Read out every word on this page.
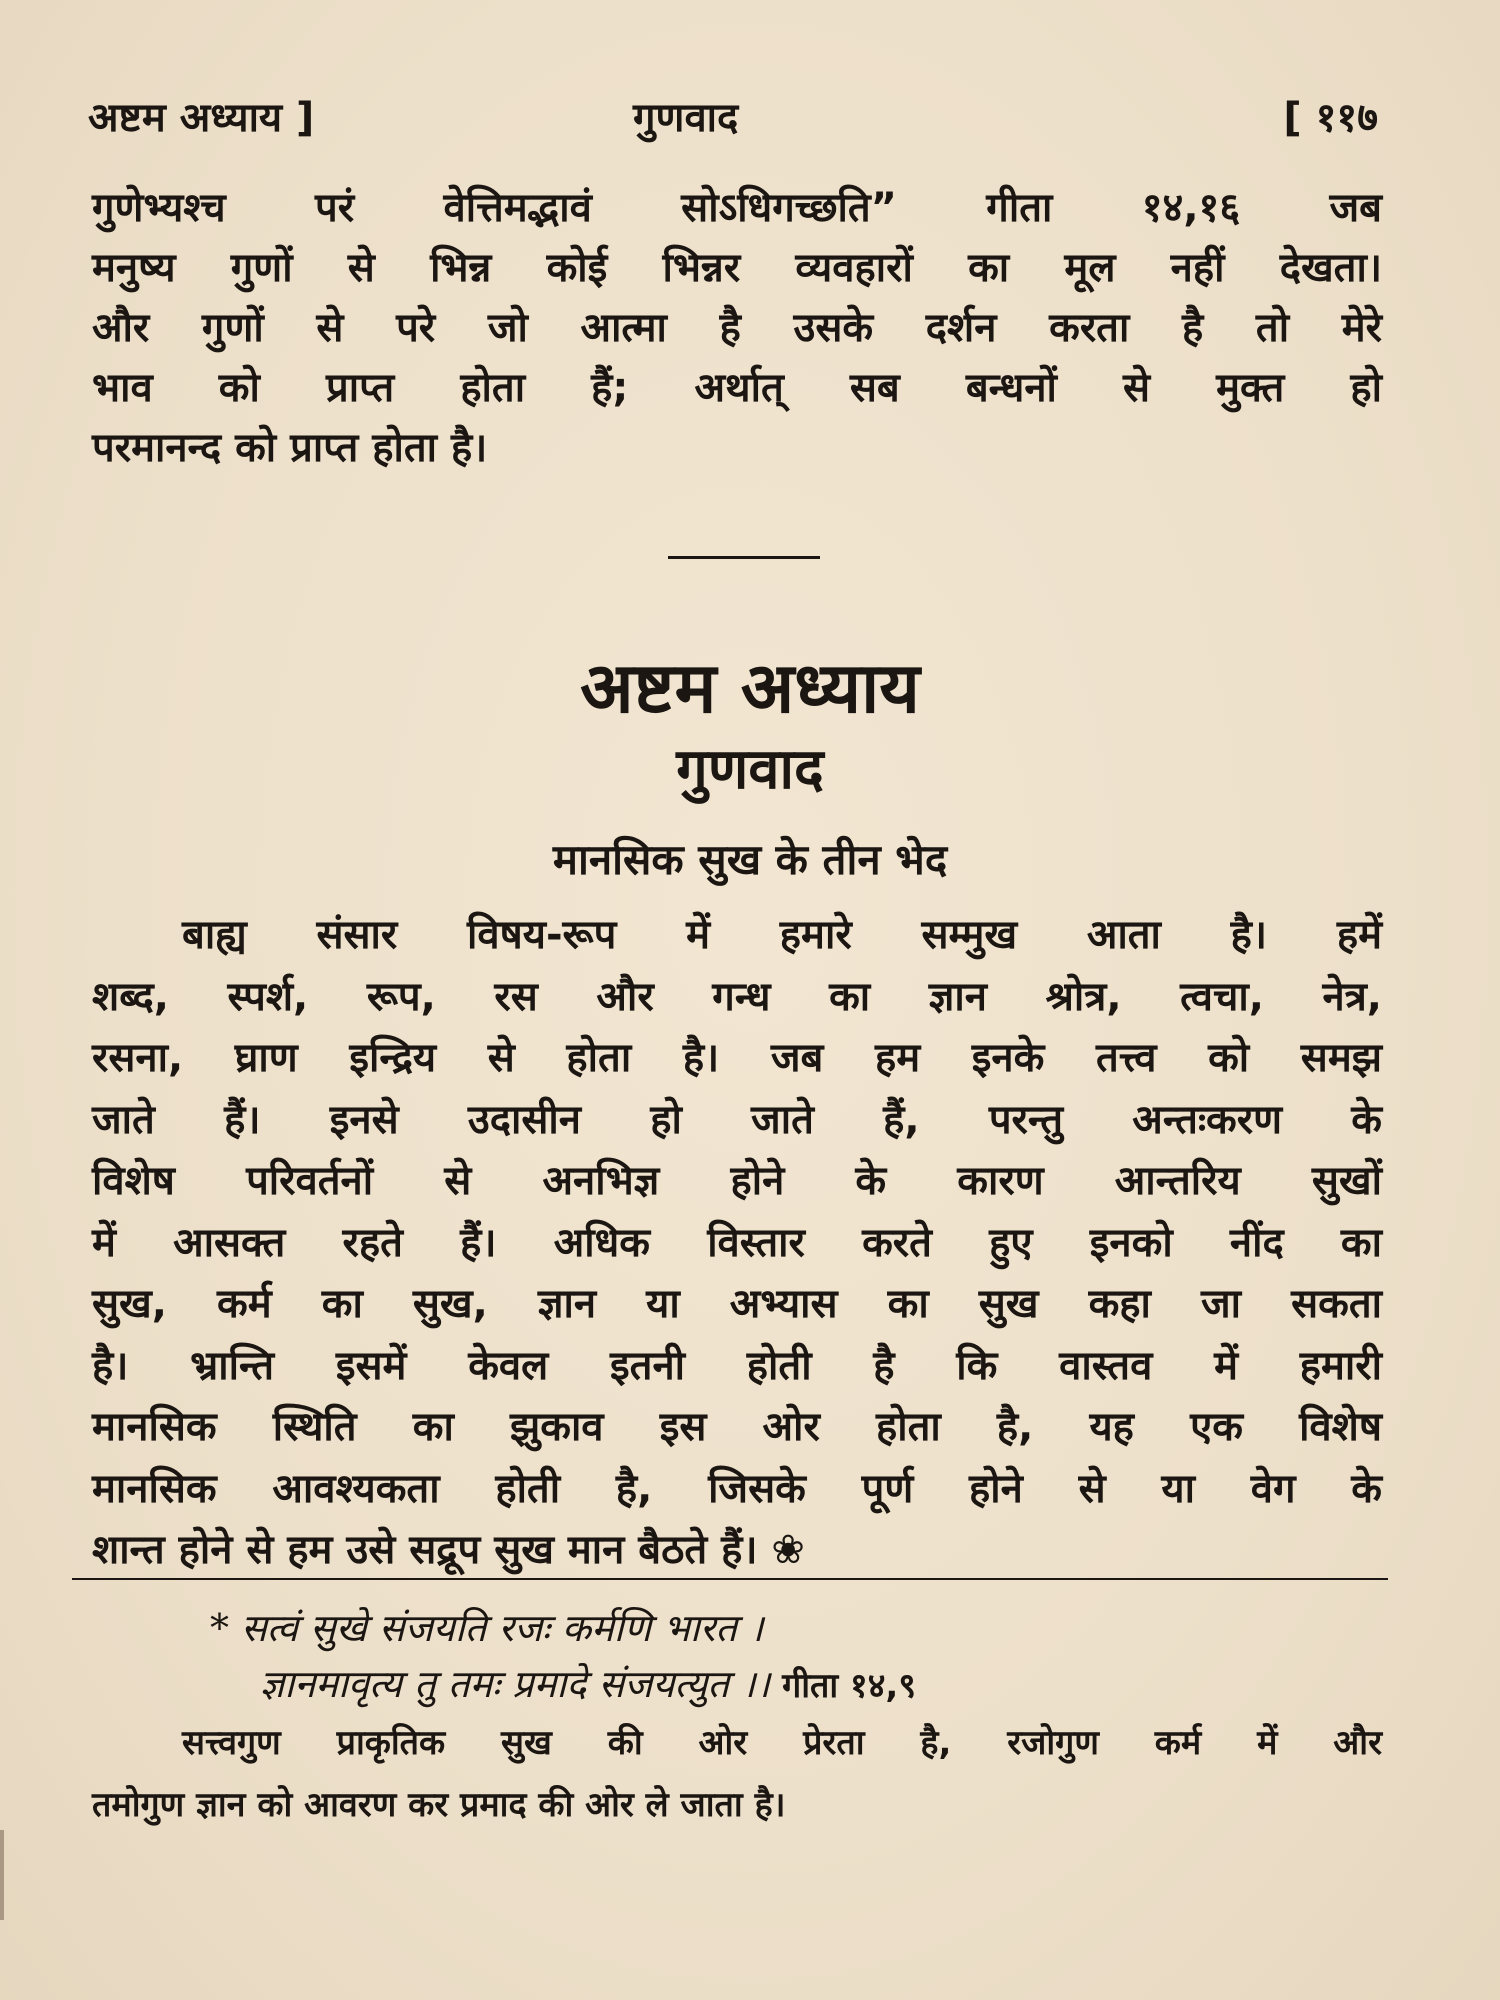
अष्टम अध्याय ]	गुणवाद	[ ११७
गुणेभ्यश्च परं वेत्तिमद्भावं सोऽधिगच्छति” गीता १४,१६ जब
मनुष्य गुणों से भिन्न कोई भिन्नर व्यवहारों का मूल नहीं देखता।
और गुणों से परे जो आत्मा है उसके दर्शन करता है तो मेरे
भाव को प्राप्त होता हैं; अर्थात् सब बन्धनों से मुक्त हो
परमानन्द को प्राप्त होता है।
अष्टम अध्याय
गुणवाद
मानसिक सुख के तीन भेद
बाह्य संसार विषय-रूप में हमारे सम्मुख आता है। हमें
शब्द, स्पर्श, रूप, रस और गन्ध का ज्ञान श्रोत्र, त्वचा, नेत्र,
रसना, घ्राण इन्द्रिय से होता है। जब हम इनके तत्त्व को समझ
जाते हैं। इनसे उदासीन हो जाते हैं, परन्तु अन्तःकरण के
विशेष परिवर्तनों से अनभिज्ञ होने के कारण आन्तरिय सुखों
में आसक्त रहते हैं। अधिक विस्तार करते हुए इनको नींद का
सुख, कर्म का सुख, ज्ञान या अभ्यास का सुख कहा जा सकता
है। भ्रान्ति इसमें केवल इतनी होती है कि वास्तव में हमारी
मानसिक स्थिति का झुकाव इस ओर होता है, यह एक विशेष
मानसिक आवश्यकता होती है, जिसके पूर्ण होने से या वेग के
शान्त होने से हम उसे सद्रूप सुख मान बैठते हैं। ❀
* सत्वं सुखे संजयति रजः कर्मणि भारत ।
ज्ञानमावृत्य तु तमः प्रमादे संजयत्युत ।। गीता १४,९
सत्त्वगुण प्राकृतिक सुख की ओर प्रेरता है, रजोगुण कर्म में और
तमोगुण ज्ञान को आवरण कर प्रमाद की ओर ले जाता है।
